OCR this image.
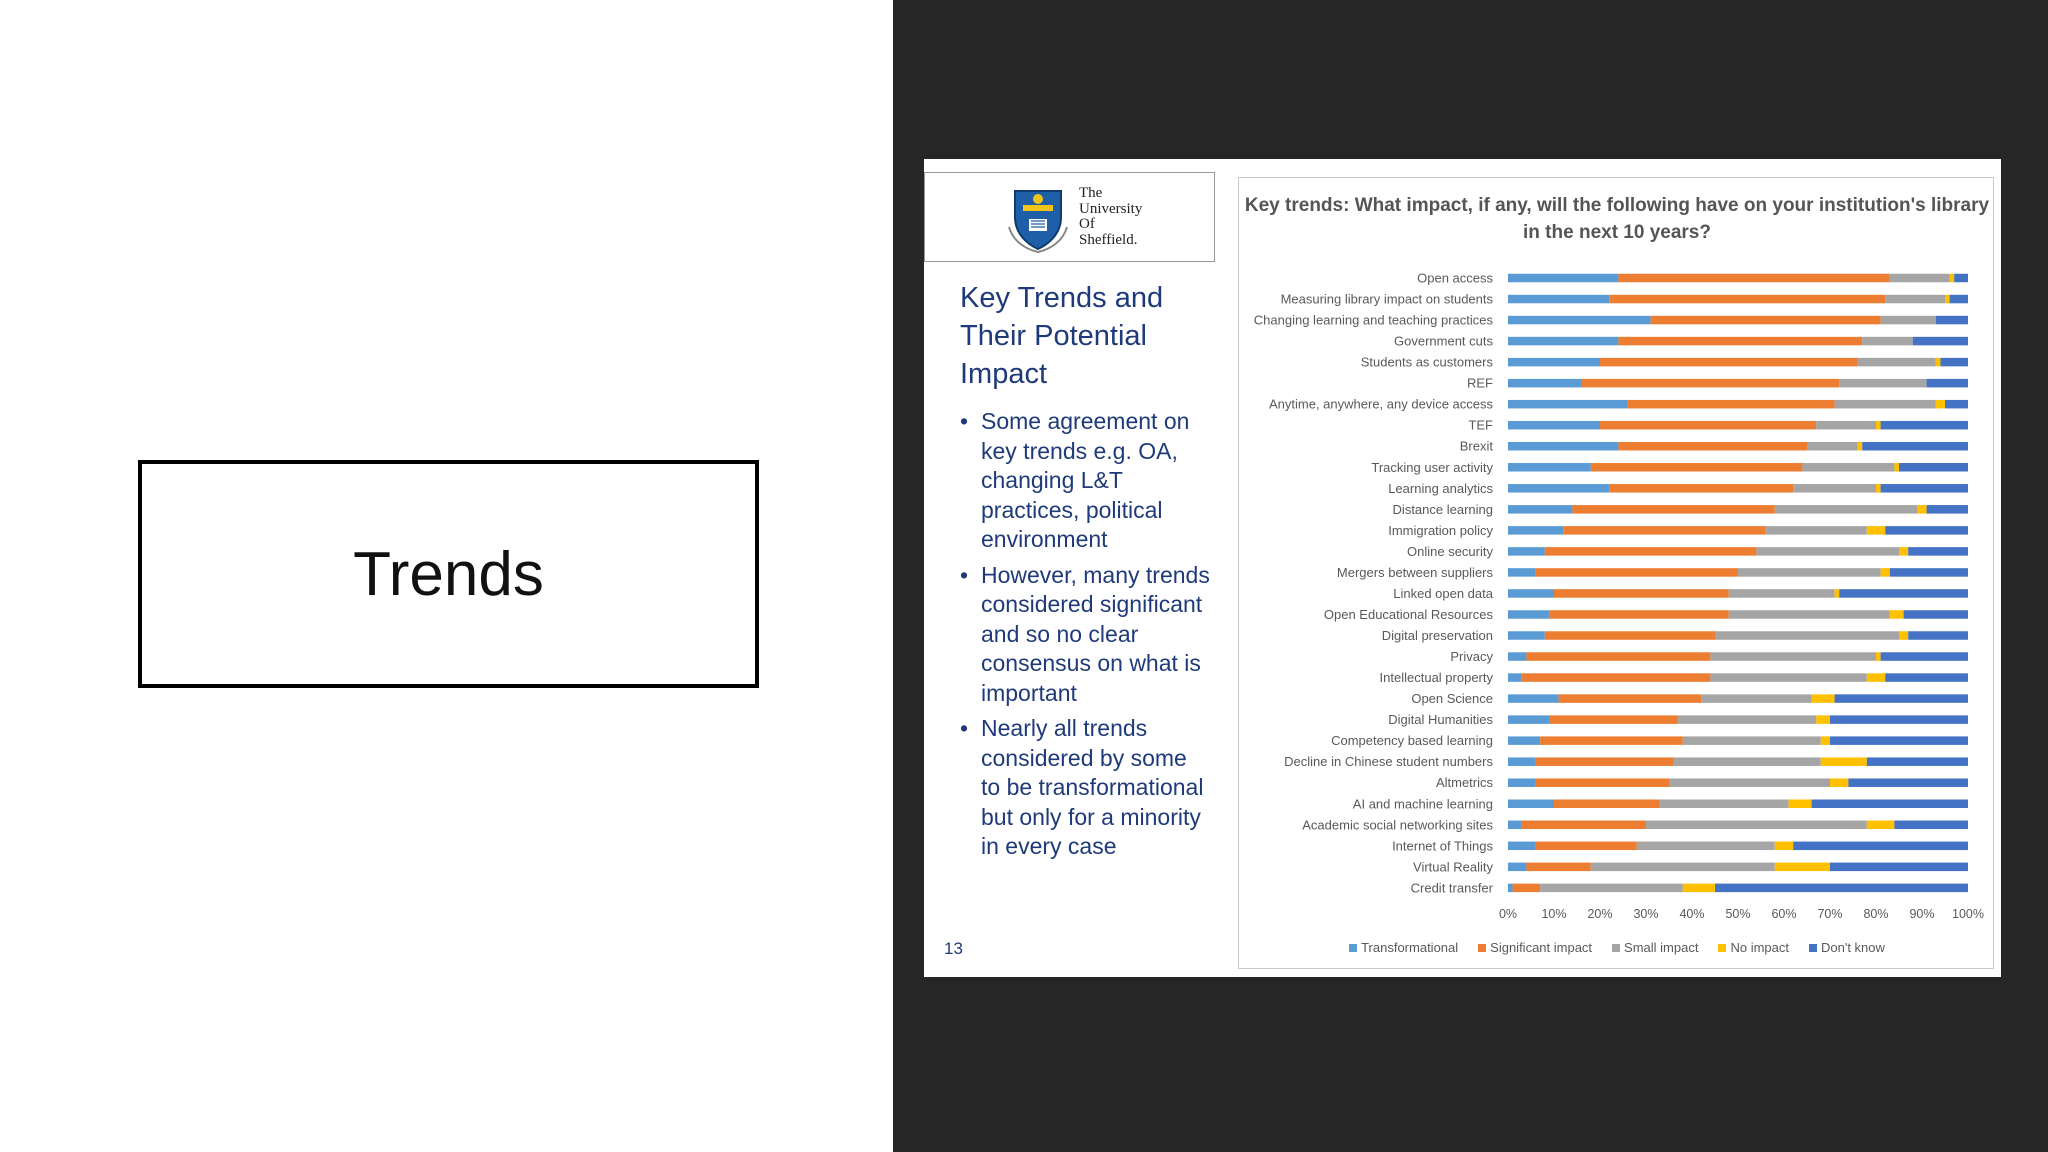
Trends
The
University
Of
Sheffield.
Key Trends and Their Potential Impact
• Some agreement on key trends e.g. OA, changing L&T practices, political environment
• However, many trends considered significant and so no clear consensus on what is important
• Nearly all trends considered by some to be transformational but only for a minority in every case
13
Key trends: What impact, if any, will the following have on your institution's library in the next 10 years?
Open access
Measuring library impact on students
Changing learning and teaching practices
Government cuts
Students as customers
REF
Anytime, anywhere, any device access
TEF
Brexit
Tracking user activity
Learning analytics
Distance learning
Immigration policy
Online security
Mergers between suppliers
Linked open data
Open Educational Resources
Digital preservation
Privacy
Intellectual property
Open Science
Digital Humanities
Competency based learning
Decline in Chinese student numbers
Altmetrics
AI and machine learning
Academic social networking sites
Internet of Things
Virtual Reality
Credit transfer
0% 10% 20% 30% 40% 50% 60% 70% 80% 90% 100%
Transformational Significant impact Small impact No impact Don't know
